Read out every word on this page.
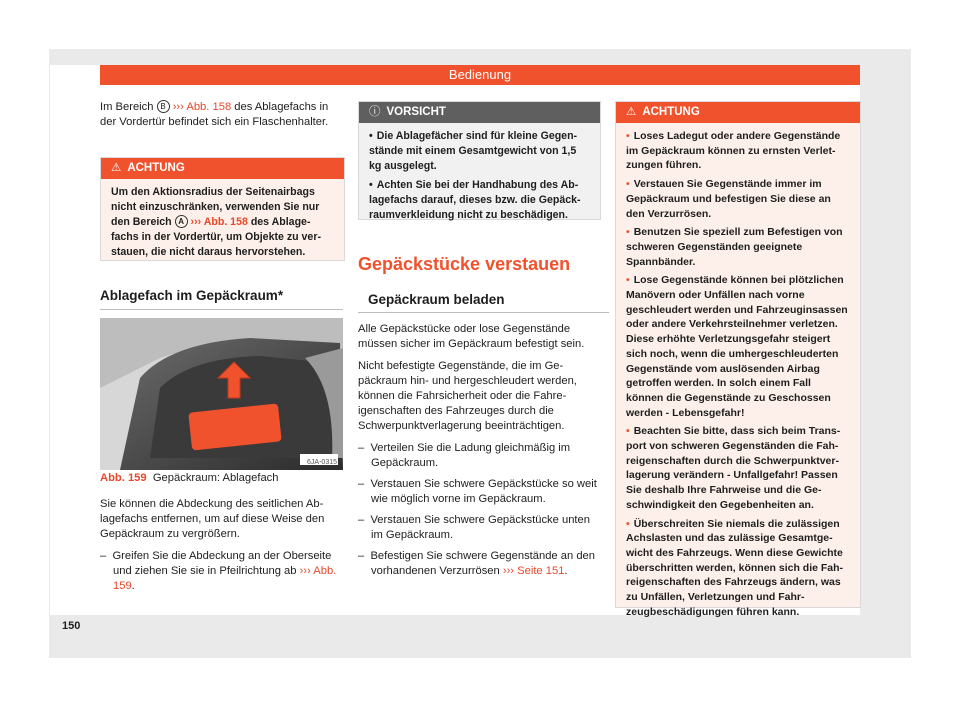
Bedienung

Im Bereich B ››› Abb. 158 des Ablagefachs in der Vordertür befindet sich ein Flaschenhalter.

⚠ ACHTUNG
Um den Aktionsradius der Seitenairbags nicht einzuschränken, verwenden Sie nur den Bereich A ››› Abb. 158 des Ablagefachs in der Vordertür, um Objekte zu verstauen, die nicht daraus hervorstehen.
Ablagefach im Gepäckraum*
6JA-0315
Abb. 159 Gepäckraum: Ablagefach

Sie können die Abdeckung des seitlichen Ablagefachs entfernen, um auf diese Weise den Gepäckraum zu vergrößern.

–  Greifen Sie die Abdeckung an der Oberseite und ziehen Sie sie in Pfeilrichtung ab ››› Abb. 159.
ⓘ VORSICHT

• Die Ablagefächer sind für kleine Gegenstände mit einem Gesamtgewicht von 1,5 kg ausgelegt.

• Achten Sie bei der Handhabung des Ablagefachs darauf, dieses bzw. die Gepäckraumverkleidung nicht zu beschädigen.

Gepäckstücke verstauen
Gepäckraum beladen

Alle Gepäckstücke oder lose Gegenstände müssen sicher im Gepäckraum befestigt sein.

Nicht befestigte Gegenstände, die im Gepäckraum hin- und hergeschleudert werden, können die Fahrsicherheit oder die Fahreigenschaften des Fahrzeuges durch die Schwerpunktverlagerung beeinträchtigen.

–  Verteilen Sie die Ladung gleichmäßig im Gepäckraum.
–  Verstauen Sie schwere Gepäckstücke so weit wie möglich vorne im Gepäckraum.
–  Verstauen Sie schwere Gepäckstücke unten im Gepäckraum.
–  Befestigen Sie schwere Gegenstände an den vorhandenen Verzurrösen ››› Seite 151.
⚠ ACHTUNG

• Loses Ladegut oder andere Gegenstände im Gepäckraum können zu ernsten Verletzungen führen.

• Verstauen Sie Gegenstände immer im Gepäckraum und befestigen Sie diese an den Verzurrösen.

• Benutzen Sie speziell zum Befestigen von schweren Gegenständen geeignete Spannbänder.

• Lose Gegenstände können bei plötzlichen Manövern oder Unfällen nach vorne geschleudert werden und Fahrzeuginsassen oder andere Verkehrsteilnehmer verletzen. Diese erhöhte Verletzungsgefahr steigert sich noch, wenn die umhergeschleuderten Gegenstände vom auslösenden Airbag getroffen werden. In solch einem Fall können die Gegenstände zu Geschossen werden - Lebensgefahr!

• Beachten Sie bitte, dass sich beim Transport von schweren Gegenständen die Fahreigenschaften durch die Schwerpunktverlagerung verändern - Unfallgefahr! Passen Sie deshalb Ihre Fahrweise und die Geschwindigkeit den Gegebenheiten an.

• Überschreiten Sie niemals die zulässigen Achslasten und das zulässige Gesamtgewicht des Fahrzeugs. Wenn diese Gewichte überschritten werden, können sich die Fahreigenschaften des Fahrzeugs ändern, was zu Unfällen, Verletzungen und Fahrzeugbeschädigungen führen kann.

150
